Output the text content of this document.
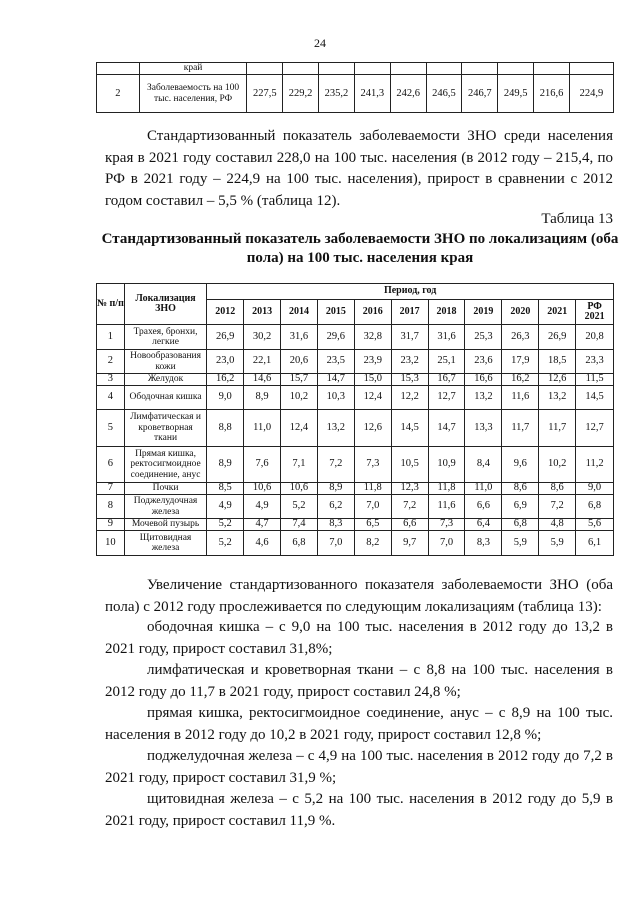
24
	край										
2	Заболеваемость на 100 тыс. населения, РФ	227,5	229,2	235,2	241,3	242,6	246,5	246,7	249,5	216,6	224,9

Стандартизованный показатель заболеваемости ЗНО среди населения края в 2021 году составил 228,0 на 100 тыс. населения (в 2012 году – 215,4, по РФ в 2021 году – 224,9 на 100 тыс. населения), прирост в сравнении с 2012 годом составил – 5,5 % (таблица 12).

Таблица 13

Стандартизованный показатель заболеваемости ЗНО по локализациям (оба пола) на 100 тыс. населения края

№ п/п	Локализация ЗНО	Период, год										
		2012	2013	2014	2015	2016	2017	2018	2019	2020	2021	РФ 2021
1	Трахея, бронхи, легкие	26,9	30,2	31,6	29,6	32,8	31,7	31,6	25,3	26,3	26,9	20,8
2	Новообразования кожи	23,0	22,1	20,6	23,5	23,9	23,2	25,1	23,6	17,9	18,5	23,3
3	Желудок	16,2	14,6	15,7	14,7	15,0	15,3	16,7	16,6	16,2	12,6	11,5
4	Ободочная кишка	9,0	8,9	10,2	10,3	12,4	12,2	12,7	13,2	11,6	13,2	14,5
5	Лимфатическая и кроветворная ткани	8,8	11,0	12,4	13,2	12,6	14,5	14,7	13,3	11,7	11,7	12,7
6	Прямая кишка, ректосигмоидное соединение, анус	8,9	7,6	7,1	7,2	7,3	10,5	10,9	8,4	9,6	10,2	11,2
7	Почки	8,5	10,6	10,6	8,9	11,8	12,3	11,8	11,0	8,6	8,6	9,0
8	Поджелудочная железа	4,9	4,9	5,2	6,2	7,0	7,2	11,6	6,6	6,9	7,2	6,8
9	Мочевой пузырь	5,2	4,7	7,4	8,3	6,5	6,6	7,3	6,4	6,8	4,8	5,6
10	Щитовидная железа	5,2	4,6	6,8	7,0	8,2	9,7	7,0	8,3	5,9	5,9	6,1

Увеличение стандартизованного показателя заболеваемости ЗНО (оба пола) с 2012 году прослеживается по следующим локализациям (таблица 13):

ободочная кишка – с 9,0 на 100 тыс. населения в 2012 году до 13,2 в 2021 году, прирост составил 31,8%;

лимфатическая и кроветворная ткани – с 8,8 на 100 тыс. населения в 2012 году до 11,7 в 2021 году, прирост составил 24,8 %;

прямая кишка, ректосигмоидное соединение, анус – с 8,9 на 100 тыс. населения в 2012 году до 10,2 в 2021 году, прирост составил 12,8 %;

поджелудочная железа – с 4,9 на 100 тыс. населения в 2012 году до 7,2 в 2021 году, прирост составил 31,9 %;

щитовидная железа – с 5,2 на 100 тыс. населения в 2012 году до 5,9 в 2021 году, прирост составил 11,9 %.
